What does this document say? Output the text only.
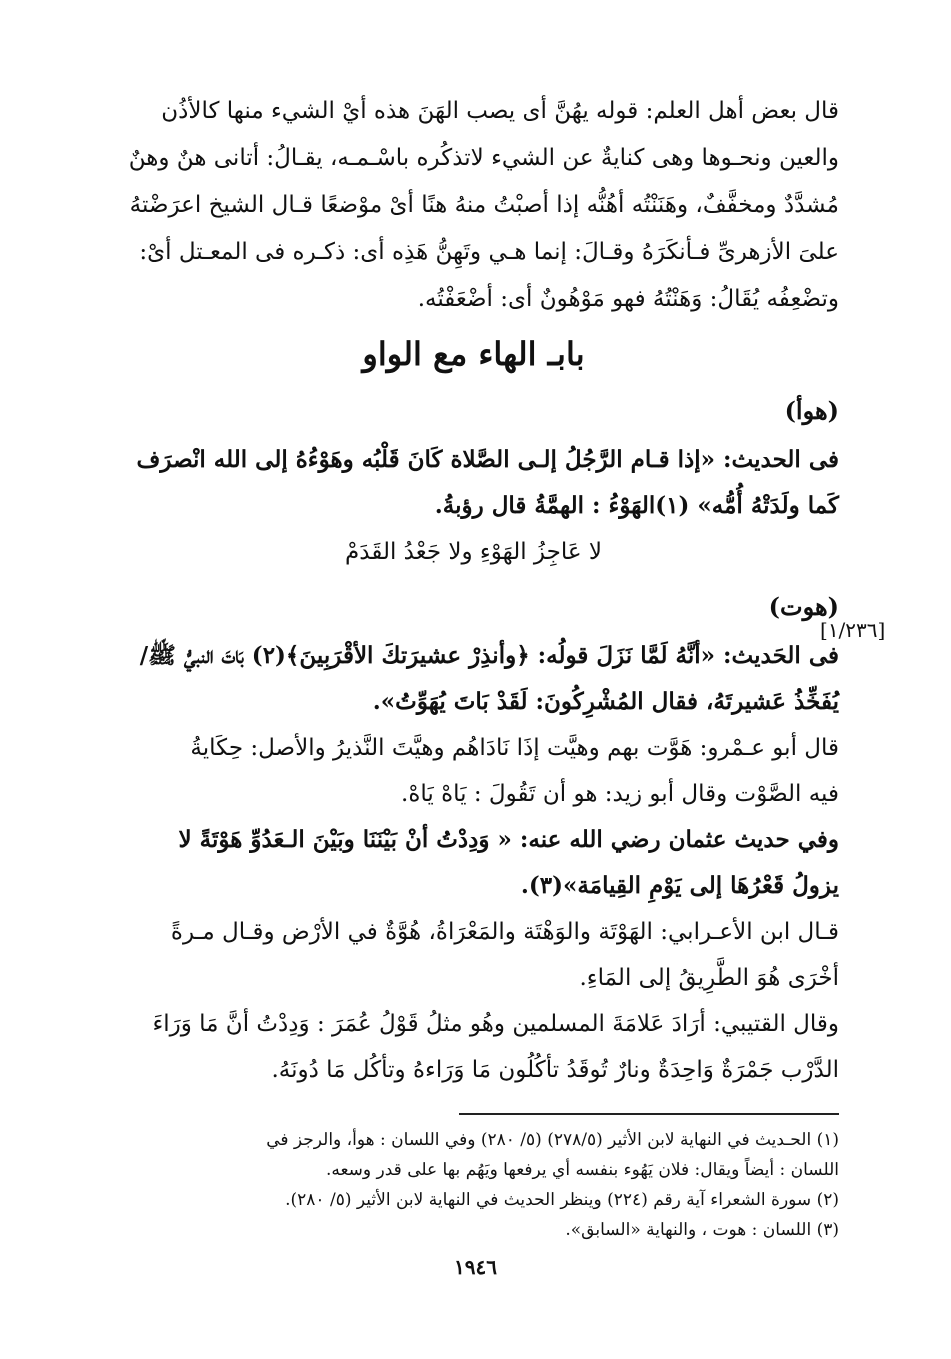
قال بعض أهل العلم: قوله يهُنَّ أى يصب الهَنَ هذه أيْ الشيء منها كالأذُن

والعين ونحـوها وهى كنايةٌ عن الشيء لاتذكُره باسْـمـه، يقـالُ: أتانى هنٌ وهنٌ

مُشدَّدٌ ومخفَّفٌ، وهَنَنْتُه أهُنُّه إذا أصبْتُ منهُ هنًا أىْ موْضعًا قـال الشيخ اعرَضْتهُ

علىَ الأزهرىِّ فـأنكَرَهُ وقـالَ: إنما هـي وتَهِنُّ هَذِه أى: ذكـره فى المعـتل أىْ:

وتضْعِفُه يُقَالُ: وَهَنْتُهُ فهو مَوْهُونٌ أى: أضْعَفْتُه.

بابـ الهاء مع الواو
(هوأ)

فى الحديث: «إذا قـام الرَّجُلُ إلـى الصَّلاة كَانَ قَلْبُه وهَوْءُهُ إلى الله انْصرَف

كَما ولَدَتْهُ أُمُّه» (١)الهَوْءُ : الهمَّةُ قال رؤبةُ.

لا عَاجِزُ الهَوْءِ ولا جَعْدُ القَدَمْ
(هوت)

فى الحَديث: «أنَّهُ لَمَّا نَزَلَ قولُه: ﴿وأنذِرْ عشيرَتكَ الأقْرَبِينَ﴾(٢) بَاتَ النبيُّ ﷺ/

يُفَخِّذُ عَشيرتَهُ، فقال المُشْرِكُونَ: لَقَدْ بَاتَ يُهَوِّتُ».

قال أبو عـمْرو: هَوَّت بهم وهيَّت إذَا نَادَاهُم وهيَّتَ النَّذيرُ والأصل: حِكَايةُ

فيه الصَّوْت وقال أبو زيد: هو أن تَقُولَ : يَاهْ يَاهْ.

وفي حديث عثمان رضي الله عنه: « وَدِدْتُ أنْ بَيْنَنَا وبَيْنَ الـعَدُوِّ هَوْتَةً لا

يزولُ قَعْرُهَا إلى يَوْمِ القِيامَة»(٣).

قـال ابن الأعـرابي: الهَوْتَة والوَهْتَة والمَعْرَاةُ، هُوَّةٌ في الأرْض وقـال مـرةً

أخْرَى هُوَ الطَّرِيقُ إلى المَاءِ.

وقال القتيبي: أرَادَ عَلامَةَ المسلمين وهُو مثلُ قَوْلُ عُمَرَ : وَدِدْتُ أنَّ مَا وَرَاءَ

الدَّرْب جَمْرَةٌ وَاحِدَةٌ ونارٌ تُوقَدُ تأكُلُون مَا وَرَاءهُ وتأكُل مَا دُونَهُ.

(١) الحـديث في النهاية لابن الأثير (٢٧٨/٥) (٥/ ٢٨٠) وفي اللسان : هوأ، والرجز في

اللسان : أيضاً ويقال: فلان يَهُوء بنفسه أي يرفعها ويَهُم بها على قدر وسعه.

(٢) سورة الشعراء آية رقم (٢٢٤) وينظر الحديث في النهاية لابن الأثير (٥/ ٢٨٠).

(٣) اللسان : هوت ، والنهاية «السابق».

[١/٢٣٦]
١٩٤٦
